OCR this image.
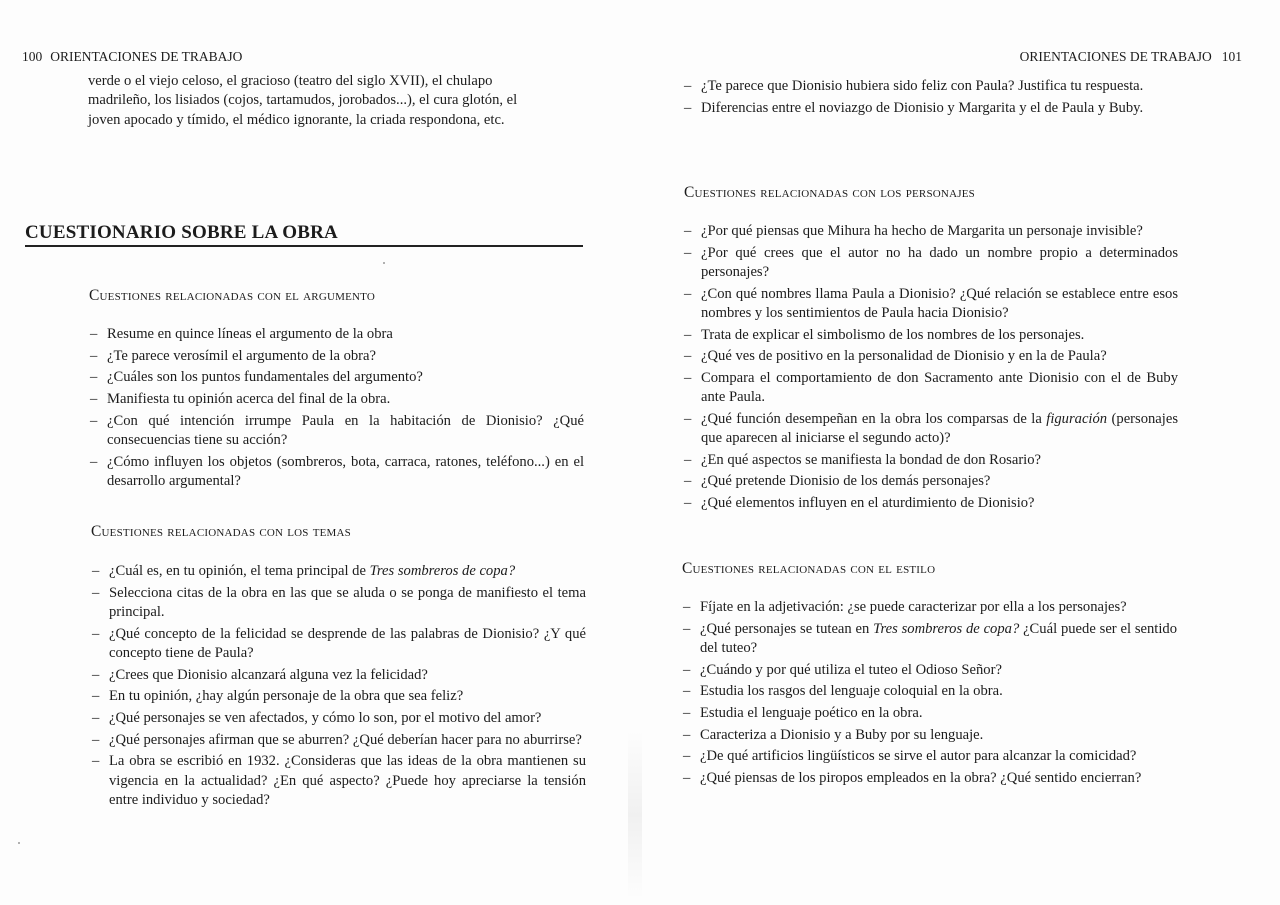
100 ORIENTACIONES DE TRABAJO
verde o el viejo celoso, el gracioso (teatro del siglo XVII), el chulapo
madrileño, los lisiados (cojos, tartamudos, jorobados...), el cura glotón, el
joven apocado y tímido, el médico ignorante, la criada respondona, etc.
CUESTIONARIO SOBRE LA OBRA
Cuestiones relacionadas con el argumento
– Resume en quince líneas el argumento de la obra
– ¿Te parece verosímil el argumento de la obra?
– ¿Cuáles son los puntos fundamentales del argumento?
– Manifiesta tu opinión acerca del final de la obra.
– ¿Con qué intención irrumpe Paula en la habitación de Dionisio? ¿Qué consecuencias tiene su acción?
– ¿Cómo influyen los objetos (sombreros, bota, carraca, ratones, teléfono...) en el desarrollo argumental?
Cuestiones relacionadas con los temas
– ¿Cuál es, en tu opinión, el tema principal de Tres sombreros de copa?
– Selecciona citas de la obra en las que se aluda o se ponga de manifiesto el tema principal.
– ¿Qué concepto de la felicidad se desprende de las palabras de Dionisio? ¿Y qué concepto tiene de Paula?
– ¿Crees que Dionisio alcanzará alguna vez la felicidad?
– En tu opinión, ¿hay algún personaje de la obra que sea feliz?
– ¿Qué personajes se ven afectados, y cómo lo son, por el motivo del amor?
– ¿Qué personajes afirman que se aburren? ¿Qué deberían hacer para no aburrirse?
– La obra se escribió en 1932. ¿Consideras que las ideas de la obra mantienen su vigencia en la actualidad? ¿En qué aspecto? ¿Puede hoy apreciarse la tensión entre individuo y sociedad?
ORIENTACIONES DE TRABAJO 101
– ¿Te parece que Dionisio hubiera sido feliz con Paula? Justifica tu respuesta.
– Diferencias entre el noviazgo de Dionisio y Margarita y el de Paula y Buby.
Cuestiones relacionadas con los personajes
– ¿Por qué piensas que Mihura ha hecho de Margarita un personaje invisible?
– ¿Por qué crees que el autor no ha dado un nombre propio a determinados personajes?
– ¿Con qué nombres llama Paula a Dionisio? ¿Qué relación se establece entre esos nombres y los sentimientos de Paula hacia Dionisio?
– Trata de explicar el simbolismo de los nombres de los personajes.
– ¿Qué ves de positivo en la personalidad de Dionisio y en la de Paula?
– Compara el comportamiento de don Sacramento ante Dionisio con el de Buby ante Paula.
– ¿Qué función desempeñan en la obra los comparsas de la figuración (personajes que aparecen al iniciarse el segundo acto)?
– ¿En qué aspectos se manifiesta la bondad de don Rosario?
– ¿Qué pretende Dionisio de los demás personajes?
– ¿Qué elementos influyen en el aturdimiento de Dionisio?
Cuestiones relacionadas con el estilo
– Fíjate en la adjetivación: ¿se puede caracterizar por ella a los personajes?
– ¿Qué personajes se tutean en Tres sombreros de copa? ¿Cuál puede ser el sentido del tuteo?
– ¿Cuándo y por qué utiliza el tuteo el Odioso Señor?
– Estudia los rasgos del lenguaje coloquial en la obra.
– Estudia el lenguaje poético en la obra.
– Caracteriza a Dionisio y a Buby por su lenguaje.
– ¿De qué artificios lingüísticos se sirve el autor para alcanzar la comicidad?
– ¿Qué piensas de los piropos empleados en la obra? ¿Qué sentido encierran?
